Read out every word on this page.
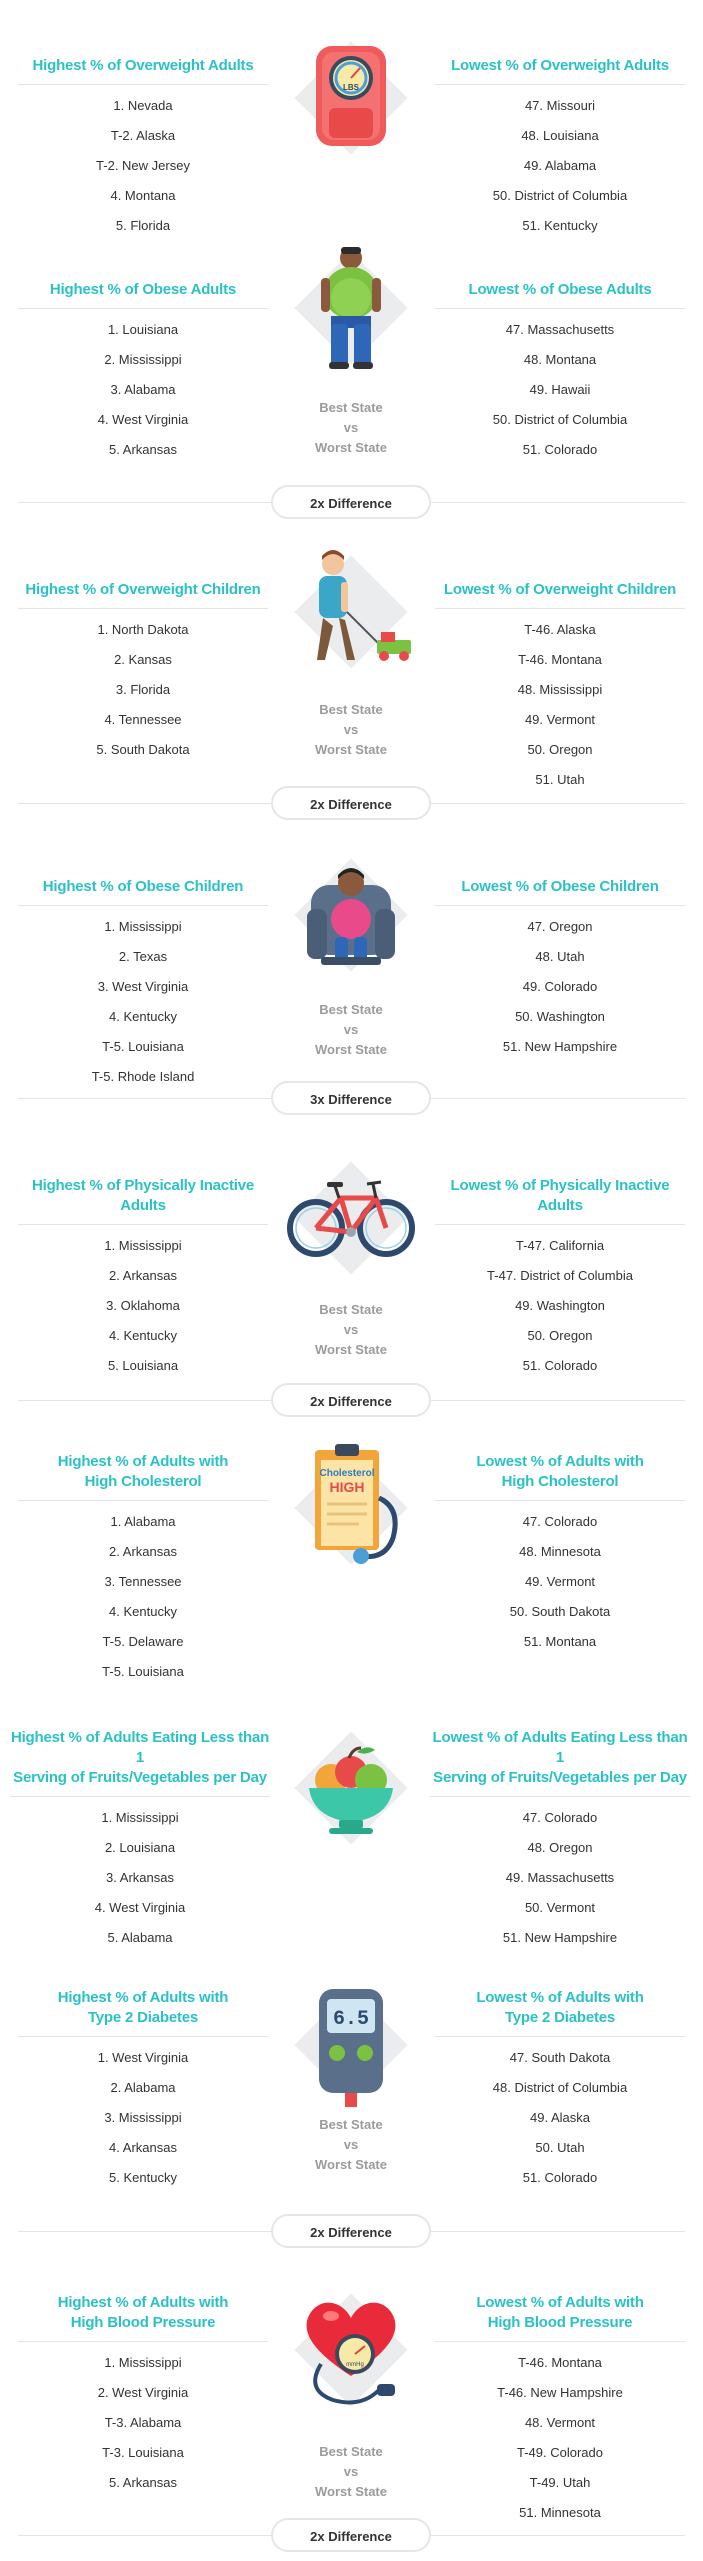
Highest % of Overweight Adults
1. Nevada
T-2. Alaska
T-2. New Jersey
4. Montana
5. Florida
LBS
Lowest % of Overweight Adults
47. Missouri
48. Louisiana
49. Alabama
50. District of Columbia
51. Kentucky
Highest % of Obese Adults
1. Louisiana
2. Mississippi
3. Alabama
4. West Virginia
5. Arkansas
Best State
vs
Worst State
Lowest % of Obese Adults
47. Massachusetts
48. Montana
49. Hawaii
50. District of Columbia
51. Colorado
2x Difference
Highest % of Overweight Children
1. North Dakota
2. Kansas
3. Florida
4. Tennessee
5. South Dakota
Best State
vs
Worst State
Lowest % of Overweight Children
T-46. Alaska
T-46. Montana
48. Mississippi
49. Vermont
50. Oregon
51. Utah
2x Difference
Highest % of Obese Children
1. Mississippi
2. Texas
3. West Virginia
4. Kentucky
T-5. Louisiana
T-5. Rhode Island
Best State
vs
Worst State
Lowest % of Obese Children
47. Oregon
48. Utah
49. Colorado
50. Washington
51. New Hampshire
3x Difference
Highest % of Physically Inactive Adults
1. Mississippi
2. Arkansas
3. Oklahoma
4. Kentucky
5. Louisiana
Best State
vs
Worst State
Lowest % of Physically Inactive Adults
T-47. California
T-47. District of Columbia
49. Washington
50. Oregon
51. Colorado
2x Difference
Highest % of Adults with
High Cholesterol
1. Alabama
2. Arkansas
3. Tennessee
4. Kentucky
T-5. Delaware
T-5. Louisiana
Cholesterol
HIGH
Lowest % of Adults with
High Cholesterol
47. Colorado
48. Minnesota
49. Vermont
50. South Dakota
51. Montana
Highest % of Adults Eating Less than 1
Serving of Fruits/Vegetables per Day
1. Mississippi
2. Louisiana
3. Arkansas
4. West Virginia
5. Alabama
Lowest % of Adults Eating Less than 1
Serving of Fruits/Vegetables per Day
47. Colorado
48. Oregon
49. Massachusetts
50. Vermont
51. New Hampshire
Highest % of Adults with
Type 2 Diabetes
1. West Virginia
2. Alabama
3. Mississippi
4. Arkansas
5. Kentucky
6.5
Best State
vs
Worst State
Lowest % of Adults with
Type 2 Diabetes
47. South Dakota
48. District of Columbia
49. Alaska
50. Utah
51. Colorado
2x Difference
Highest % of Adults with
High Blood Pressure
1. Mississippi
2. West Virginia
T-3. Alabama
T-3. Louisiana
5. Arkansas
mmHg
Best State
vs
Worst State
Lowest % of Adults with
High Blood Pressure
T-46. Montana
T-46. New Hampshire
48. Vermont
T-49. Colorado
T-49. Utah
51. Minnesota
2x Difference
